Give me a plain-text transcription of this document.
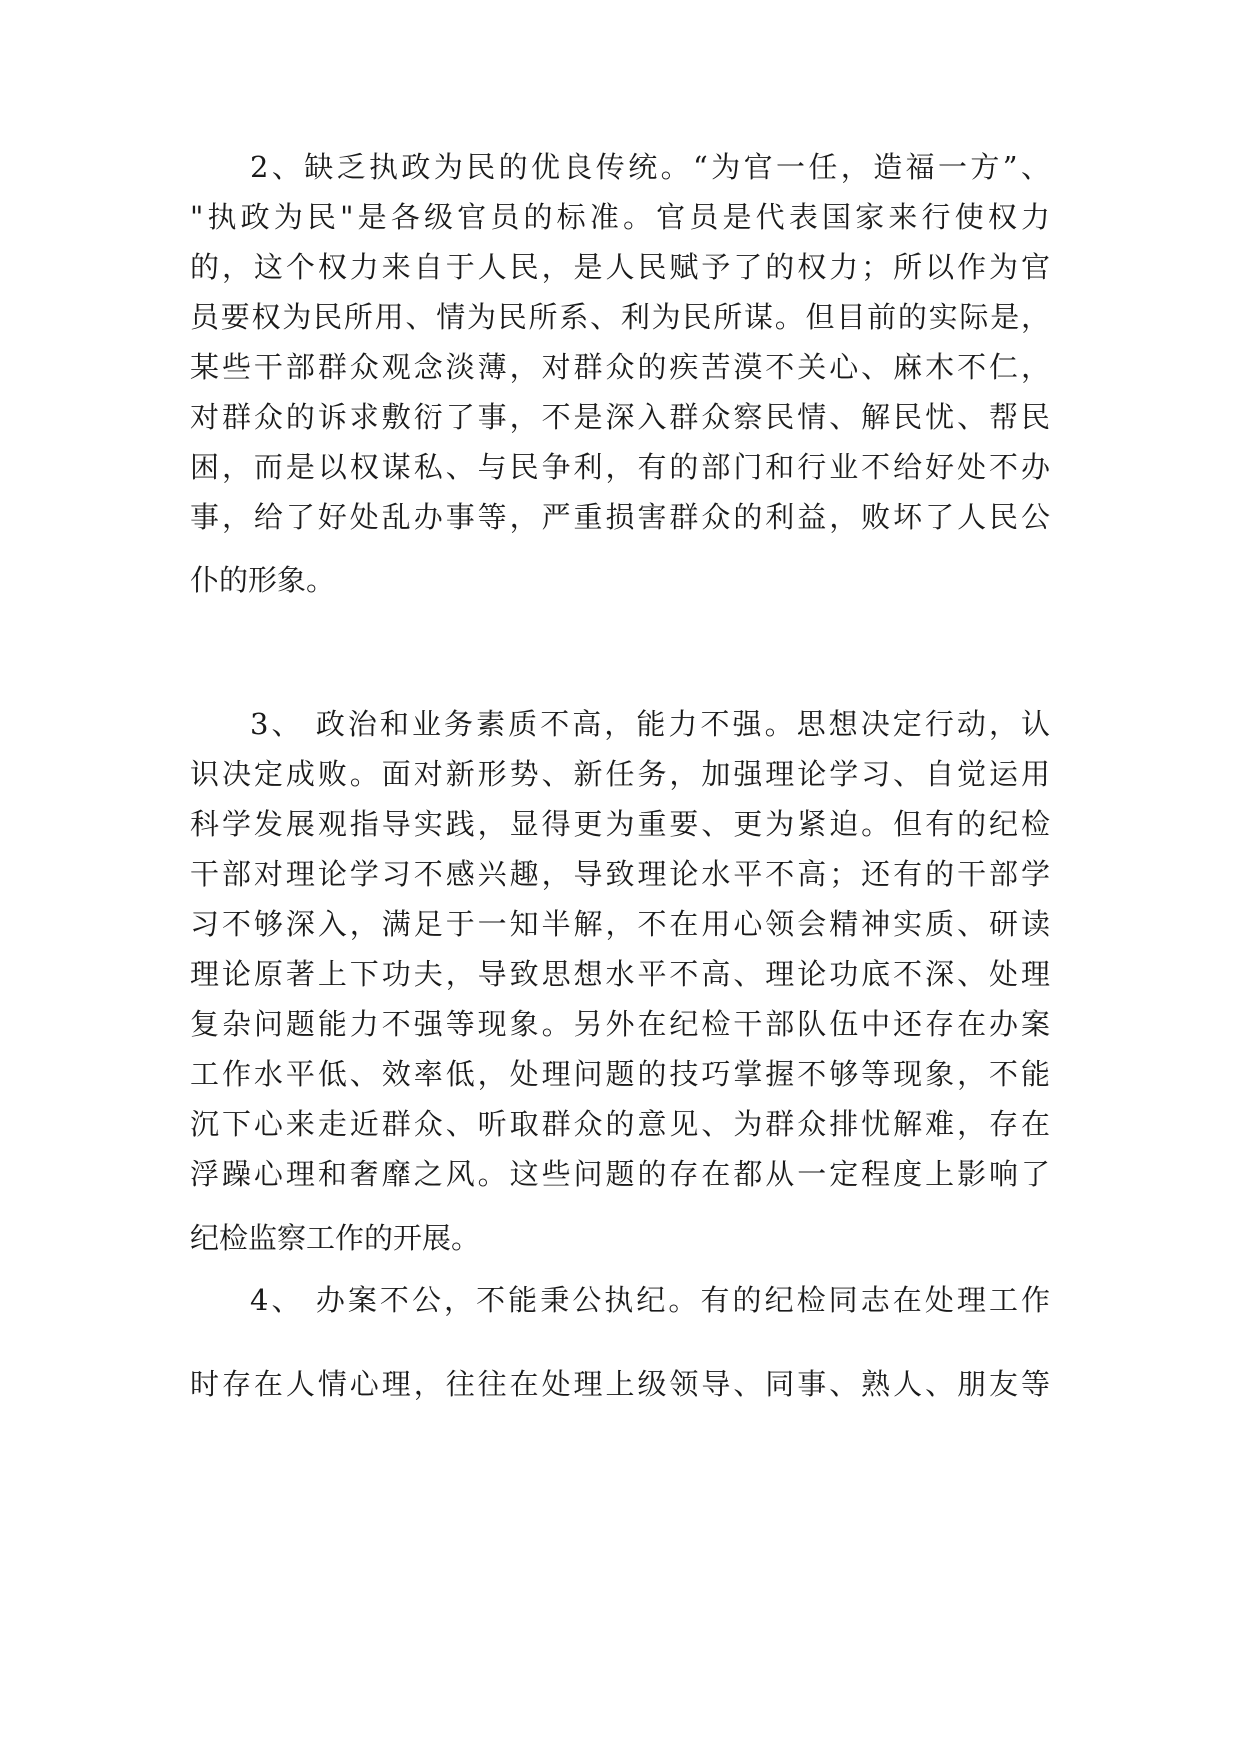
2、缺乏执政为民的优良传统。“为官一任，造福一方”、
"执政为民"是各级官员的标准。官员是代表国家来行使权力
的，这个权力来自于人民，是人民赋予了的权力；所以作为官
员要权为民所用、情为民所系、利为民所谋。但目前的实际是，
某些干部群众观念淡薄，对群众的疾苦漠不关心、麻木不仁，
对群众的诉求敷衍了事，不是深入群众察民情、解民忧、帮民
困，而是以权谋私、与民争利，有的部门和行业不给好处不办
事，给了好处乱办事等，严重损害群众的利益，败坏了人民公
仆的形象。
3、 政治和业务素质不高，能力不强。思想决定行动，认
识决定成败。面对新形势、新任务，加强理论学习、自觉运用
科学发展观指导实践，显得更为重要、更为紧迫。但有的纪检
干部对理论学习不感兴趣，导致理论水平不高；还有的干部学
习不够深入，满足于一知半解，不在用心领会精神实质、研读
理论原著上下功夫，导致思想水平不高、理论功底不深、处理
复杂问题能力不强等现象。另外在纪检干部队伍中还存在办案
工作水平低、效率低，处理问题的技巧掌握不够等现象，不能
沉下心来走近群众、听取群众的意见、为群众排忧解难，存在
浮躁心理和奢靡之风。这些问题的存在都从一定程度上影响了
纪检监察工作的开展。
4、 办案不公，不能秉公执纪。有的纪检同志在处理工作
时存在人情心理，往往在处理上级领导、同事、熟人、朋友等
